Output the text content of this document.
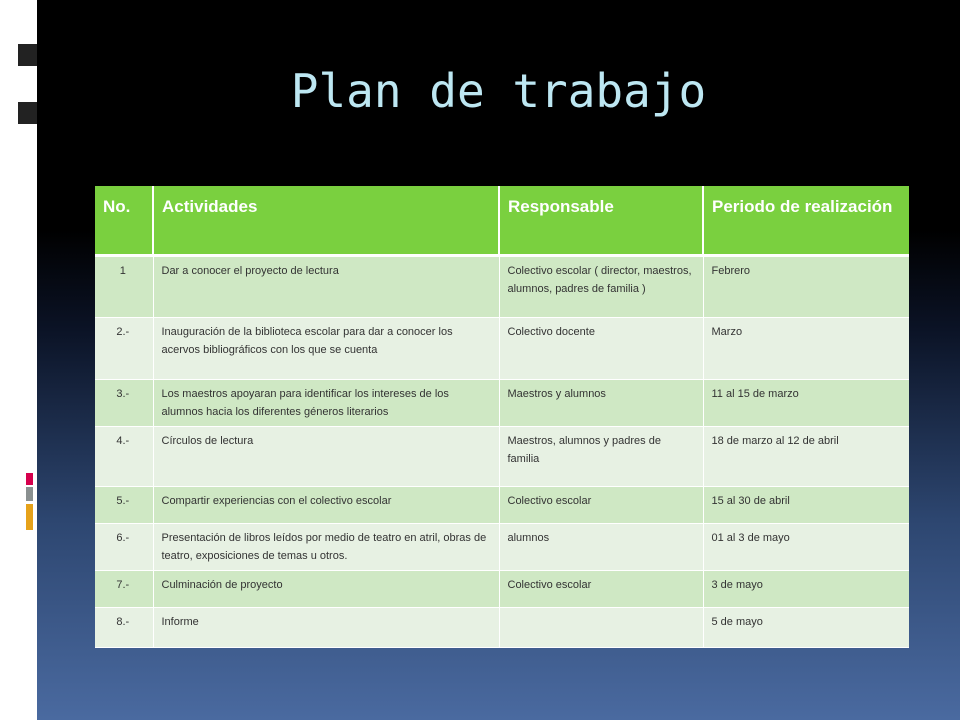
Plan de trabajo
No.	Actividades	Responsable	Periodo de realización
1	Dar a conocer el proyecto de lectura	Colectivo escolar ( director, maestros, alumnos, padres de familia )	Febrero
2.-	Inauguración de la biblioteca escolar para dar a conocer los acervos bibliográficos con los que se cuenta	Colectivo docente	Marzo
3.-	Los maestros apoyaran para identificar los intereses de los alumnos hacia los diferentes géneros literarios	Maestros y alumnos	11 al 15 de marzo
4.-	Círculos de lectura	Maestros, alumnos y padres de familia	18 de marzo al 12 de abril
5.-	Compartir experiencias con el colectivo escolar	Colectivo escolar	15 al 30 de abril
6.-	Presentación de libros leídos por medio de teatro en atril, obras de teatro, exposiciones de temas u otros.	alumnos	01 al 3 de mayo
7.-	Culminación de proyecto	Colectivo escolar	3 de mayo
8.-	Informe		5 de mayo
